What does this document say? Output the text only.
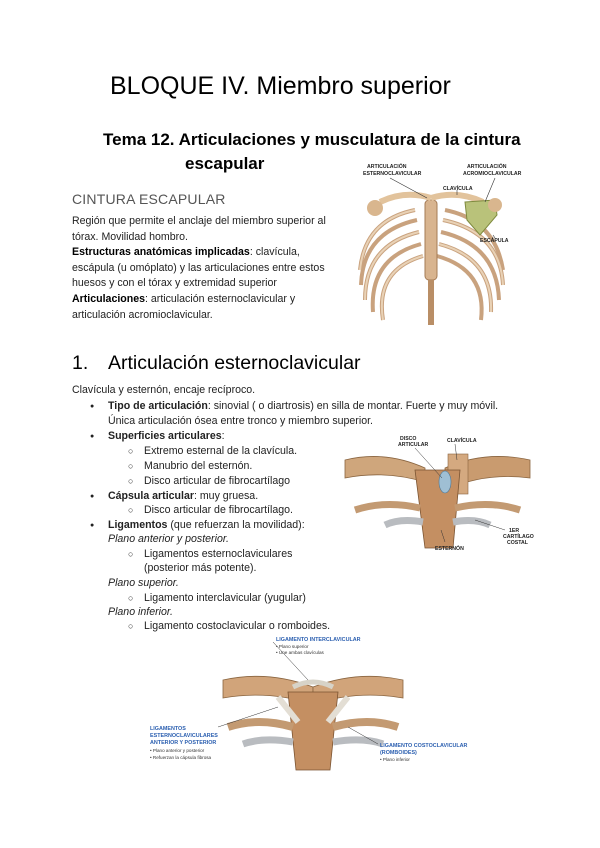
BLOQUE IV. Miembro superior
Tema 12. Articulaciones y musculatura de la cintura
escapular
CINTURA ESCAPULAR
Región que permite el anclaje del miembro superior al tórax. Movilidad hombro.
Estructuras anatómicas implicadas: clavícula, escápula (u omóplato) y las articulaciones entre estos huesos y con el tórax y extremidad superior
Articulaciones: articulación esternoclavicular y articulación acromioclavicular.
ARTICULACIÓN
ESTERNOCLAVICULAR
ARTICULACIÓN
ACROMIOCLAVICULAR
CLAVÍCULA
ESCÁPULA
1. Articulación esternoclavicular
Clavícula y esternón, encaje recíproco.
● Tipo de articulación: sinovial ( o diartrosis) en silla de montar. Fuerte y muy móvil.
Única articulación ósea entre tronco y miembro superior.
● Superficies articulares:
○ Extremo esternal de la clavícula.
○ Manubrio del esternón.
○ Disco articular de fibrocartílago
● Cápsula articular: muy gruesa.
○ Disco articular de fibrocartílago.
● Ligamentos (que refuerzan la movilidad):
Plano anterior y posterior.
○ Ligamentos esternoclaviculares
(posterior más potente).
Plano superior.
○ Ligamento interclavicular (yugular)
Plano inferior.
○ Ligamento costoclavicular o romboides.
DISCO
ARTICULAR
CLAVÍCULA
1ER
CARTÍLAGO
COSTAL
ESTERNÓN
LIGAMENTO INTERCLAVICULAR
• Plano superior
• Une ambas clavículas
LIGAMENTOS
ESTERNOCLAVICULARES
ANTERIOR Y POSTERIOR
• Plano anterior y posterior
• Refuerzan la cápsula fibrosa
LIGAMENTO COSTOCLAVICULAR
(ROMBOIDES)
• Plano inferior
